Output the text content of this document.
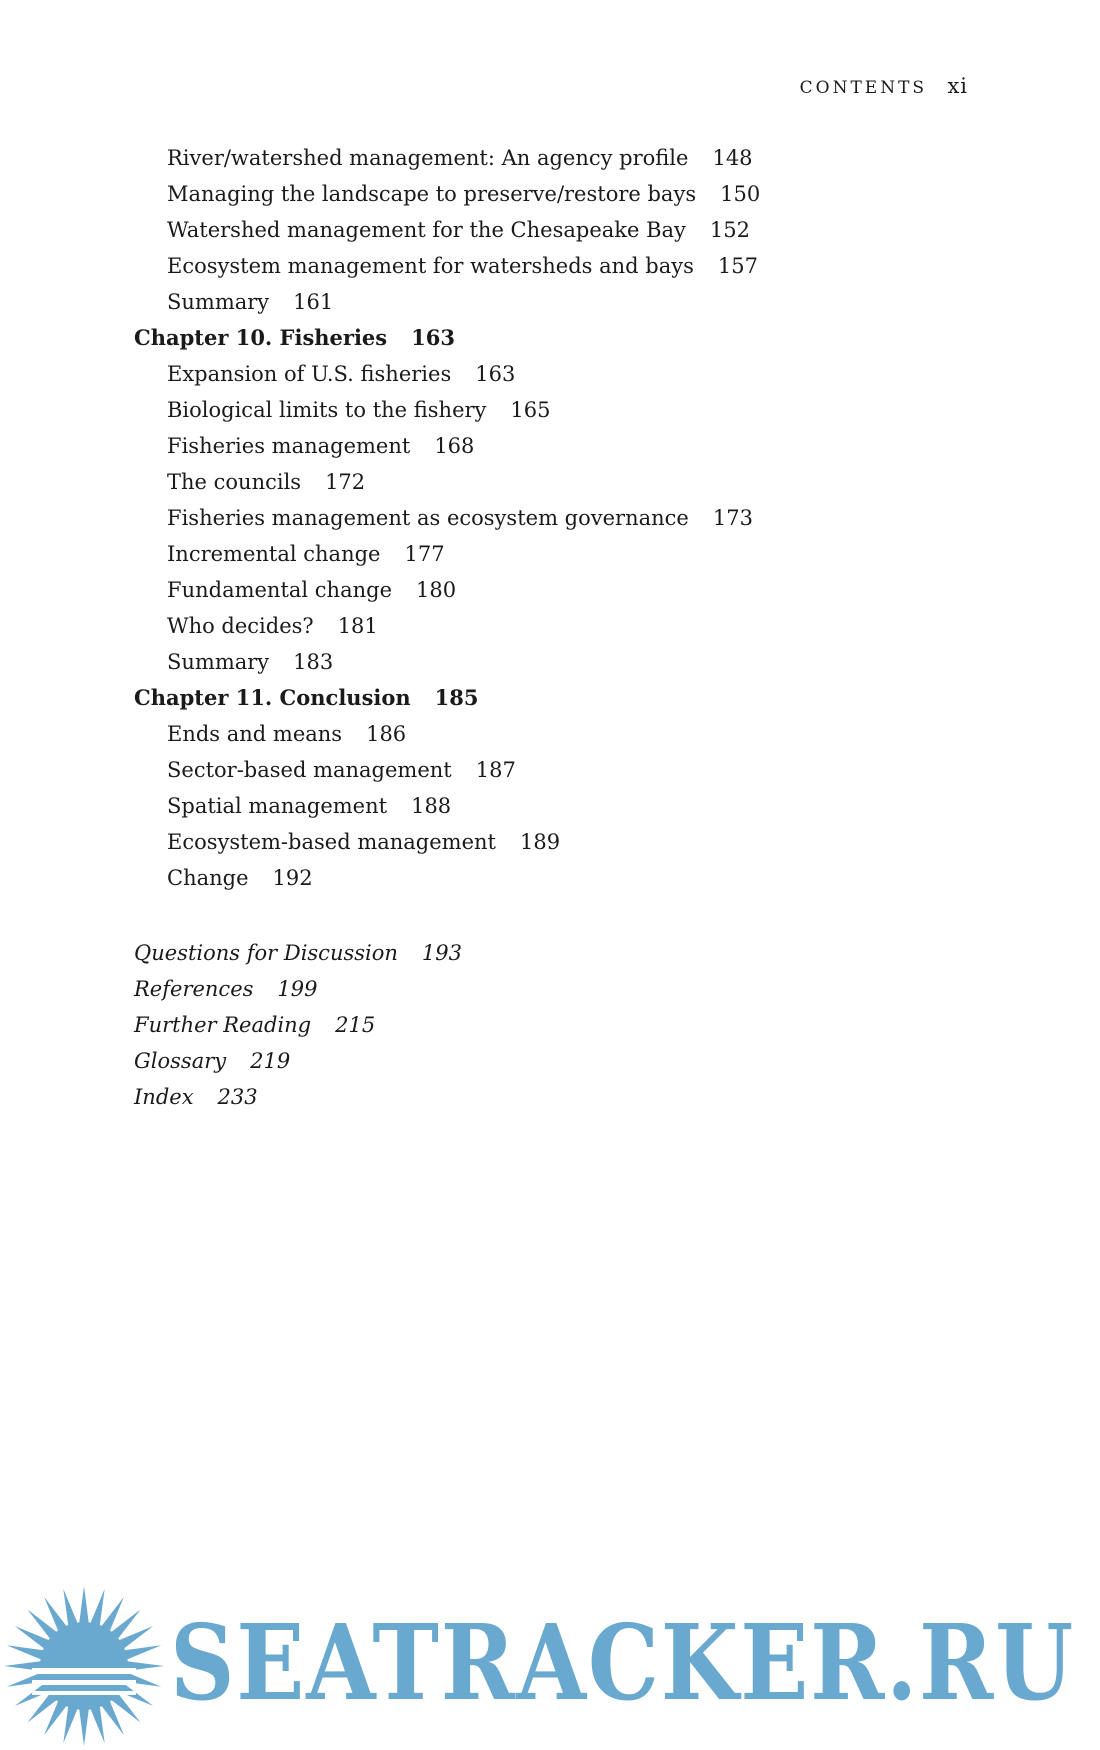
CONTENTS xi
River/watershed management: An agency profile 148
Managing the landscape to preserve/restore bays 150
Watershed management for the Chesapeake Bay 152
Ecosystem management for watersheds and bays 157
Summary 161
Chapter 10. Fisheries 163
Expansion of U.S. fisheries 163
Biological limits to the fishery 165
Fisheries management 168
The councils 172
Fisheries management as ecosystem governance 173
Incremental change 177
Fundamental change 180
Who decides? 181
Summary 183
Chapter 11. Conclusion 185
Ends and means 186
Sector-based management 187
Spatial management 188
Ecosystem-based management 189
Change 192
Questions for Discussion 193
References 199
Further Reading 215
Glossary 219
Index 233
SEATRACKER.RU
